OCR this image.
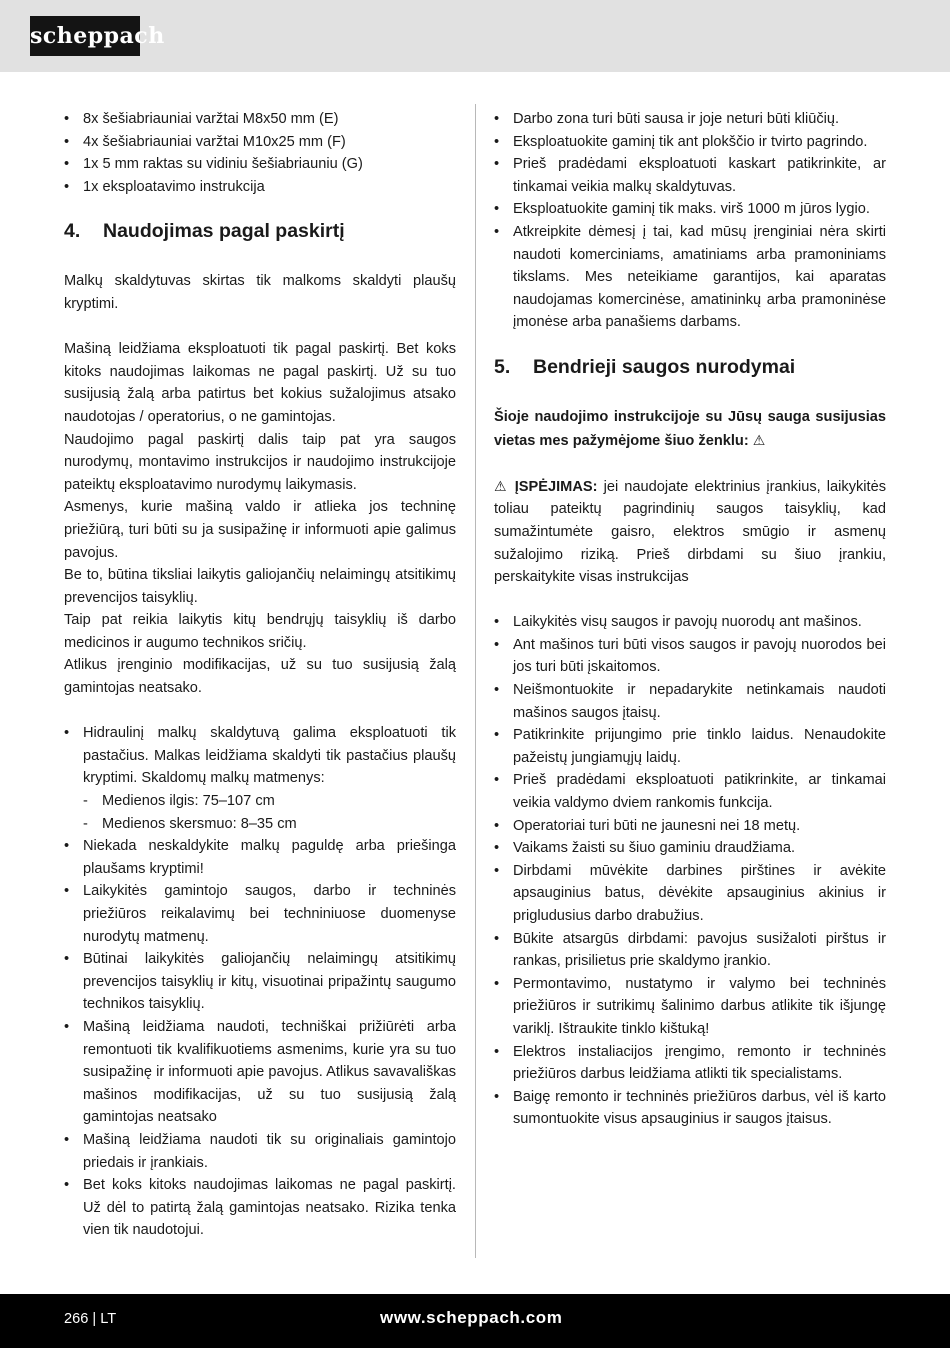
scheppach
• 8x šešiabriauniai varžtai M8x50 mm (E)
• 4x šešiabriauniai varžtai M10x25 mm (F)
• 1x 5 mm raktas su vidiniu šešiabriauniu (G)
• 1x eksploatavimo instrukcija
4.	Naudojimas pagal paskirtį

Malkų skaldytuvas skirtas tik malkoms skaldyti plaušų kryptimi.

Mašiną leidžiama eksploatuoti tik pagal paskirtį. Bet koks kitoks naudojimas laikomas ne pagal paskirtį. Už su tuo susijusią žalą arba patirtus bet kokius sužalojimus atsako naudotojas / operatorius, o ne gamintojas.

Naudojimo pagal paskirtį dalis taip pat yra saugos nurodymų, montavimo instrukcijos ir naudojimo instrukcijoje pateiktų eksploatavimo nurodymų laikymasis.

Asmenys, kurie mašiną valdo ir atlieka jos techninę priežiūrą, turi būti su ja susipažinę ir informuoti apie galimus pavojus.

Be to, būtina tiksliai laikytis galiojančių nelaimingų atsitikimų prevencijos taisyklių.

Taip pat reikia laikytis kitų bendrųjų taisyklių iš darbo medicinos ir augumo technikos sričių.

Atlikus įrenginio modifikacijas, už su tuo susijusią žalą gamintojas neatsako.

• Hidraulinį malkų skaldytuvą galima eksploatuoti tik pastačius. Malkas leidžiama skaldyti tik pastačius plaušų kryptimi. Skaldomų malkų matmenys:
- Medienos ilgis: 75–107 cm
- Medienos skersmuo: 8–35 cm
• Niekada neskaldykite malkų paguldę arba priešinga plaušams kryptimi!
• Laikykitės gamintojo saugos, darbo ir techninės priežiūros reikalavimų bei techniniuose duomenyse nurodytų matmenų.
• Būtinai laikykitės galiojančių nelaimingų atsitikimų prevencijos taisyklių ir kitų, visuotinai pripažintų saugumo technikos taisyklių.
• Mašiną leidžiama naudoti, techniškai prižiūrėti arba remontuoti tik kvalifikuotiems asmenims, kurie yra su tuo susipažinę ir informuoti apie pavojus. Atlikus savavališkas mašinos modifikacijas, už su tuo susijusią žalą gamintojas neatsako
• Mašiną leidžiama naudoti tik su originaliais gamintojo priedais ir įrankiais.
• Bet koks kitoks naudojimas laikomas ne pagal paskirtį. Už dėl to patirtą žalą gamintojas neatsako. Rizika tenka vien tik naudotojui.
• Darbo zona turi būti sausa ir joje neturi būti kliūčių.
• Eksploatuokite gaminį tik ant plokščio ir tvirto pagrindo.
• Prieš pradėdami eksploatuoti kaskart patikrinkite, ar tinkamai veikia malkų skaldytuvas.
• Eksploatuokite gaminį tik maks. virš 1000 m jūros lygio.
• Atkreipkite dėmesį į tai, kad mūsų įrenginiai nėra skirti naudoti komerciniams, amatiniams arba pramoniniams tikslams. Mes neteikiame garantijos, kai aparatas naudojamas komercinėse, amatininkų arba pramoninėse įmonėse arba panašiems darbams.
5.	Bendrieji saugos nurodymai

Šioje naudojimo instrukcijoje su Jūsų sauga susijusias vietas mes pažymėjome šiuo ženklu: ⚠

⚠ ĮSPĖJIMAS: jei naudojate elektrinius įrankius, laikykitės toliau pateiktų pagrindinių saugos taisyklių, kad sumažintumėte gaisro, elektros smūgio ir asmenų sužalojimo riziką. Prieš dirbdami su šiuo įrankiu, perskaitykite visas instrukcijas

• Laikykitės visų saugos ir pavojų nuorodų ant mašinos.
• Ant mašinos turi būti visos saugos ir pavojų nuorodos bei jos turi būti įskaitomos.
• Neišmontuokite ir nepadarykite netinkamais naudoti mašinos saugos įtaisų.
• Patikrinkite prijungimo prie tinklo laidus. Nenaudokite pažeistų jungiamųjų laidų.
• Prieš pradėdami eksploatuoti patikrinkite, ar tinkamai veikia valdymo dviem rankomis funkcija.
• Operatoriai turi būti ne jaunesni nei 18 metų.
• Vaikams žaisti su šiuo gaminiu draudžiama.
• Dirbdami mūvėkite darbines pirštines ir avėkite apsauginius batus, dėvėkite apsauginius akinius ir prigludusius darbo drabužius.
• Būkite atsargūs dirbdami: pavojus susižaloti pirštus ir rankas, prisilietus prie skaldymo įrankio.
• Permontavimo, nustatymo ir valymo bei techninės priežiūros ir sutrikimų šalinimo darbus atlikite tik išjungę variklį. Ištraukite tinklo kištuką!
• Elektros instaliacijos įrengimo, remonto ir techninės priežiūros darbus leidžiama atlikti tik specialistams.
• Baigę remonto ir techninės priežiūros darbus, vėl iš karto sumontuokite visus apsauginius ir saugos įtaisus.
266 | LT	www.scheppach.com
